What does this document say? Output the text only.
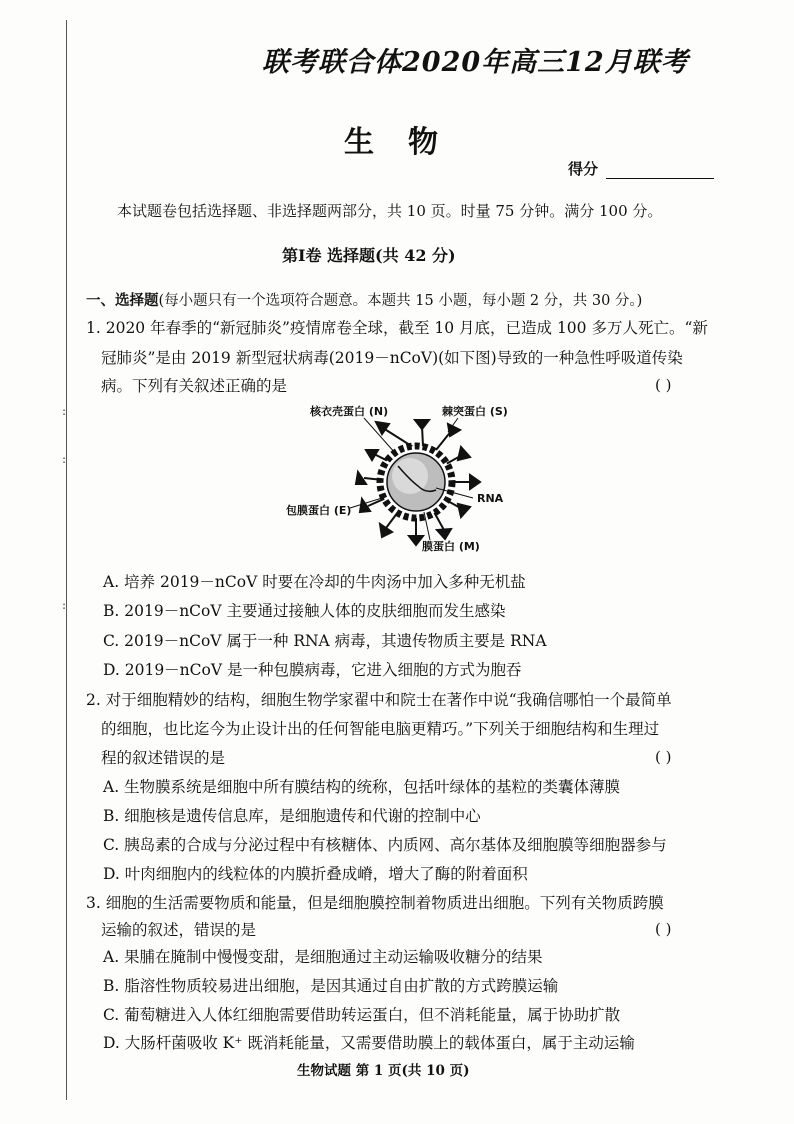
:
:
:
联考联合体2020年高三12月联考
生物
得分
本试题卷包括选择题、非选择题两部分，共 10 页。时量 75 分钟。满分 100 分。
第Ⅰ卷 选择题(共 42 分)
一、选择题(每小题只有一个选项符合题意。本题共 15 小题，每小题 2 分，共 30 分。)
1. 2020 年春季的“新冠肺炎”疫情席卷全球，截至 10 月底，已造成 100 多万人死亡。“新
冠肺炎”是由 2019 新型冠状病毒(2019－nCoV)(如下图)导致的一种急性呼吸道传染
病。下列有关叙述正确的是	( )
核衣壳蛋白 (N)	棘突蛋白 (S)
RNA
包膜蛋白 (E)
膜蛋白 (M)
A. 培养 2019－nCoV 时要在冷却的牛肉汤中加入多种无机盐
B. 2019－nCoV 主要通过接触人体的皮肤细胞而发生感染
C. 2019－nCoV 属于一种 RNA 病毒，其遗传物质主要是 RNA
D. 2019－nCoV 是一种包膜病毒，它进入细胞的方式为胞吞
2. 对于细胞精妙的结构，细胞生物学家翟中和院士在著作中说“我确信哪怕一个最简单
的细胞，也比迄今为止设计出的任何智能电脑更精巧。”下列关于细胞结构和生理过
程的叙述错误的是	( )
A. 生物膜系统是细胞中所有膜结构的统称，包括叶绿体的基粒的类囊体薄膜
B. 细胞核是遗传信息库，是细胞遗传和代谢的控制中心
C. 胰岛素的合成与分泌过程中有核糖体、内质网、高尔基体及细胞膜等细胞器参与
D. 叶肉细胞内的线粒体的内膜折叠成嵴，增大了酶的附着面积
3. 细胞的生活需要物质和能量，但是细胞膜控制着物质进出细胞。下列有关物质跨膜
运输的叙述，错误的是	( )
A. 果脯在腌制中慢慢变甜，是细胞通过主动运输吸收糖分的结果
B. 脂溶性物质较易进出细胞，是因其通过自由扩散的方式跨膜运输
C. 葡萄糖进入人体红细胞需要借助转运蛋白，但不消耗能量，属于协助扩散
D. 大肠杆菌吸收 K⁺ 既消耗能量，又需要借助膜上的载体蛋白，属于主动运输
生物试题 第 1 页(共 10 页)
